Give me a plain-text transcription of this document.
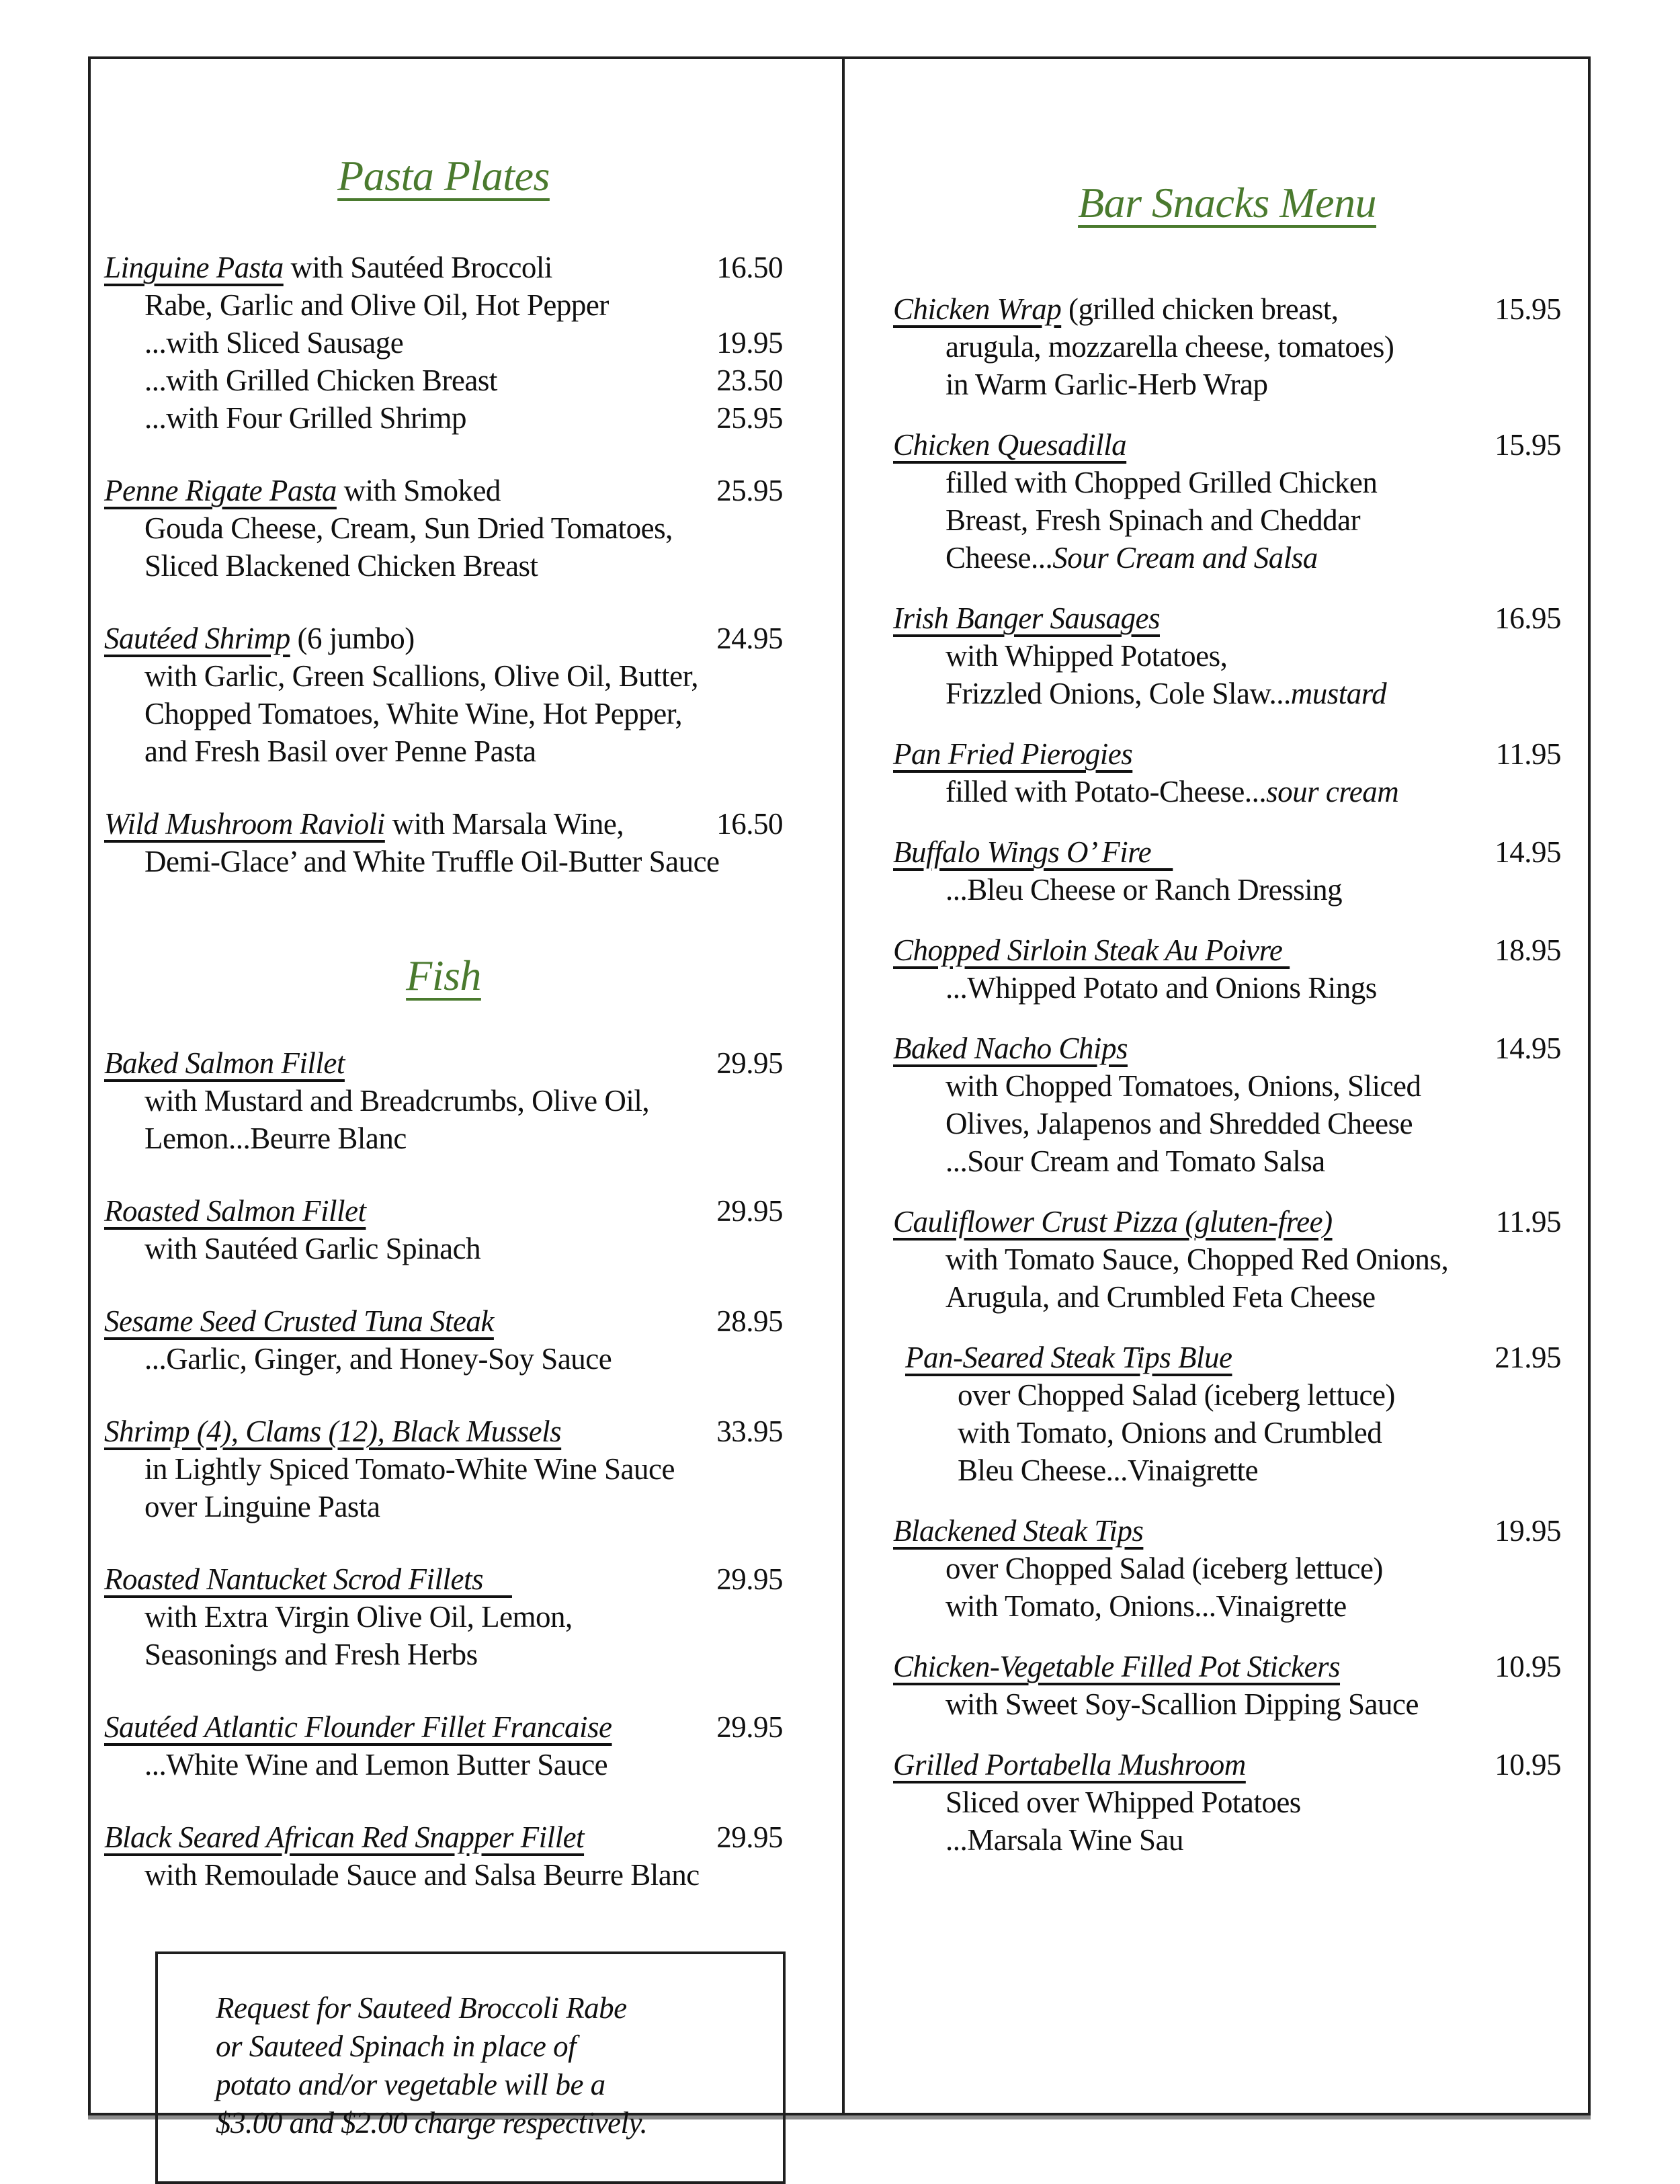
Pasta Plates
Linguine Pasta with Sautéed Broccoli	16.50
Rabe, Garlic and Olive Oil, Hot Pepper
...with Sliced Sausage	19.95
...with Grilled Chicken Breast	23.50
...with Four Grilled Shrimp	25.95
Penne Rigate Pasta with Smoked	25.95
Gouda Cheese, Cream, Sun Dried Tomatoes,
Sliced Blackened Chicken Breast
Sautéed Shrimp (6 jumbo)	24.95
with Garlic, Green Scallions, Olive Oil, Butter,
Chopped Tomatoes, White Wine, Hot Pepper,
and Fresh Basil over Penne Pasta
Wild Mushroom Ravioli with Marsala Wine,	16.50
Demi-Glace’ and White Truffle Oil-Butter Sauce
Fish
Baked Salmon Fillet	29.95
with Mustard and Breadcrumbs, Olive Oil,
Lemon...Beurre Blanc
Roasted Salmon Fillet	29.95
with Sautéed Garlic Spinach
Sesame Seed Crusted Tuna Steak	28.95
...Garlic, Ginger, and Honey-Soy Sauce
Shrimp (4), Clams (12), Black Mussels	33.95
in Lightly Spiced Tomato-White Wine Sauce
over Linguine Pasta
Roasted Nantucket Scrod Fillets	29.95
with Extra Virgin Olive Oil, Lemon,
Seasonings and Fresh Herbs
Sautéed Atlantic Flounder Fillet Francaise	29.95
...White Wine and Lemon Butter Sauce
Black Seared African Red Snapper Fillet	29.95
with Remoulade Sauce and Salsa Beurre Blanc
Request for Sauteed Broccoli Rabe
or Sauteed Spinach in place of
potato and/or vegetable will be a
$3.00 and $2.00 charge respectively.
Bar Snacks Menu
Chicken Wrap (grilled chicken breast,	15.95
arugula, mozzarella cheese, tomatoes)
in Warm Garlic-Herb Wrap
Chicken Quesadilla	15.95
filled with Chopped Grilled Chicken
Breast, Fresh Spinach and Cheddar
Cheese...Sour Cream and Salsa
Irish Banger Sausages	16.95
with Whipped Potatoes,
Frizzled Onions, Cole Slaw...mustard
Pan Fried Pierogies	11.95
filled with Potato-Cheese...sour cream
Buffalo Wings O’ Fire	14.95
...Bleu Cheese or Ranch Dressing
Chopped Sirloin Steak Au Poivre	18.95
...Whipped Potato and Onions Rings
Baked Nacho Chips	14.95
with Chopped Tomatoes, Onions, Sliced
Olives, Jalapenos and Shredded Cheese
...Sour Cream and Tomato Salsa
Cauliflower Crust Pizza (gluten-free)	11.95
with Tomato Sauce, Chopped Red Onions,
Arugula, and Crumbled Feta Cheese
Pan-Seared Steak Tips Blue	21.95
over Chopped Salad (iceberg lettuce)
with Tomato, Onions and Crumbled
Bleu Cheese...Vinaigrette
Blackened Steak Tips	19.95
over Chopped Salad (iceberg lettuce)
with Tomato, Onions...Vinaigrette
Chicken-Vegetable Filled Pot Stickers	10.95
with Sweet Soy-Scallion Dipping Sauce
Grilled Portabella Mushroom	10.95
Sliced over Whipped Potatoes
...Marsala Wine Sau
